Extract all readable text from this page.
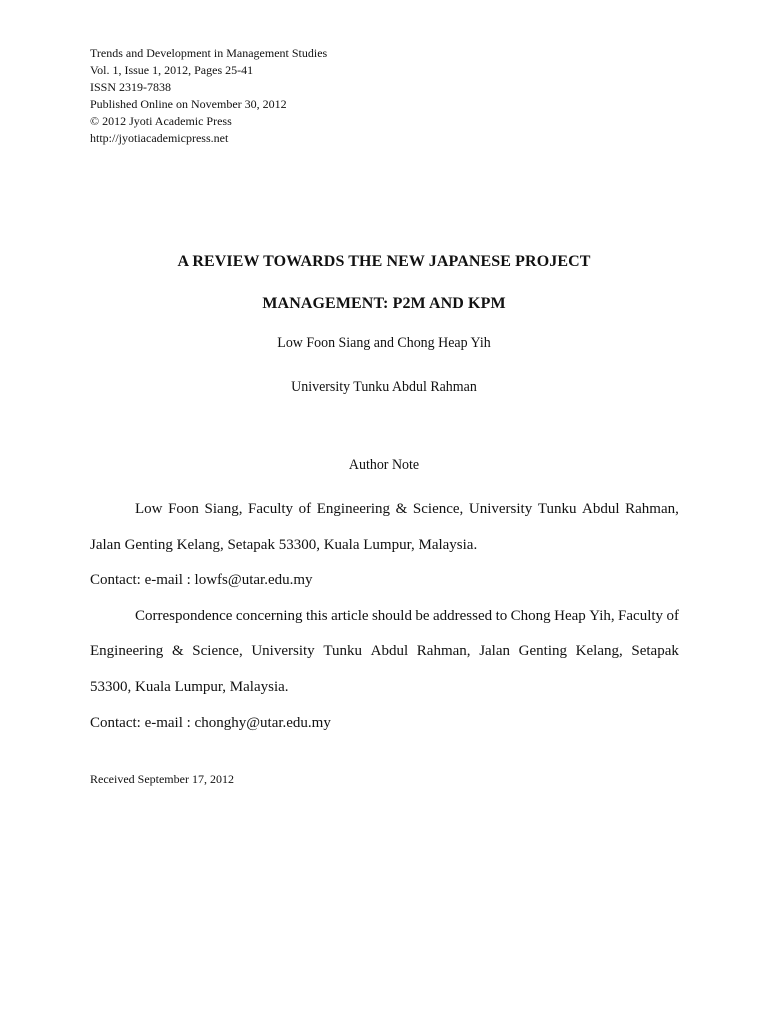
Trends and Development in Management Studies
Vol. 1, Issue 1, 2012, Pages 25-41
ISSN 2319-7838
Published Online on November 30, 2012
© 2012 Jyoti Academic Press
http://jyotiacademicpress.net
A REVIEW TOWARDS THE NEW JAPANESE PROJECT
MANAGEMENT: P2M AND KPM
Low Foon Siang and Chong Heap Yih
University Tunku Abdul Rahman
Author Note
Low Foon Siang, Faculty of Engineering & Science, University Tunku Abdul Rahman,
Jalan Genting Kelang, Setapak 53300, Kuala Lumpur, Malaysia.
Contact: e-mail : lowfs@utar.edu.my
Correspondence concerning this article should be addressed to Chong Heap Yih, Faculty of
Engineering & Science, University Tunku Abdul Rahman, Jalan Genting Kelang, Setapak
53300, Kuala Lumpur, Malaysia.
Contact: e-mail : chonghy@utar.edu.my
Received September 17, 2012
